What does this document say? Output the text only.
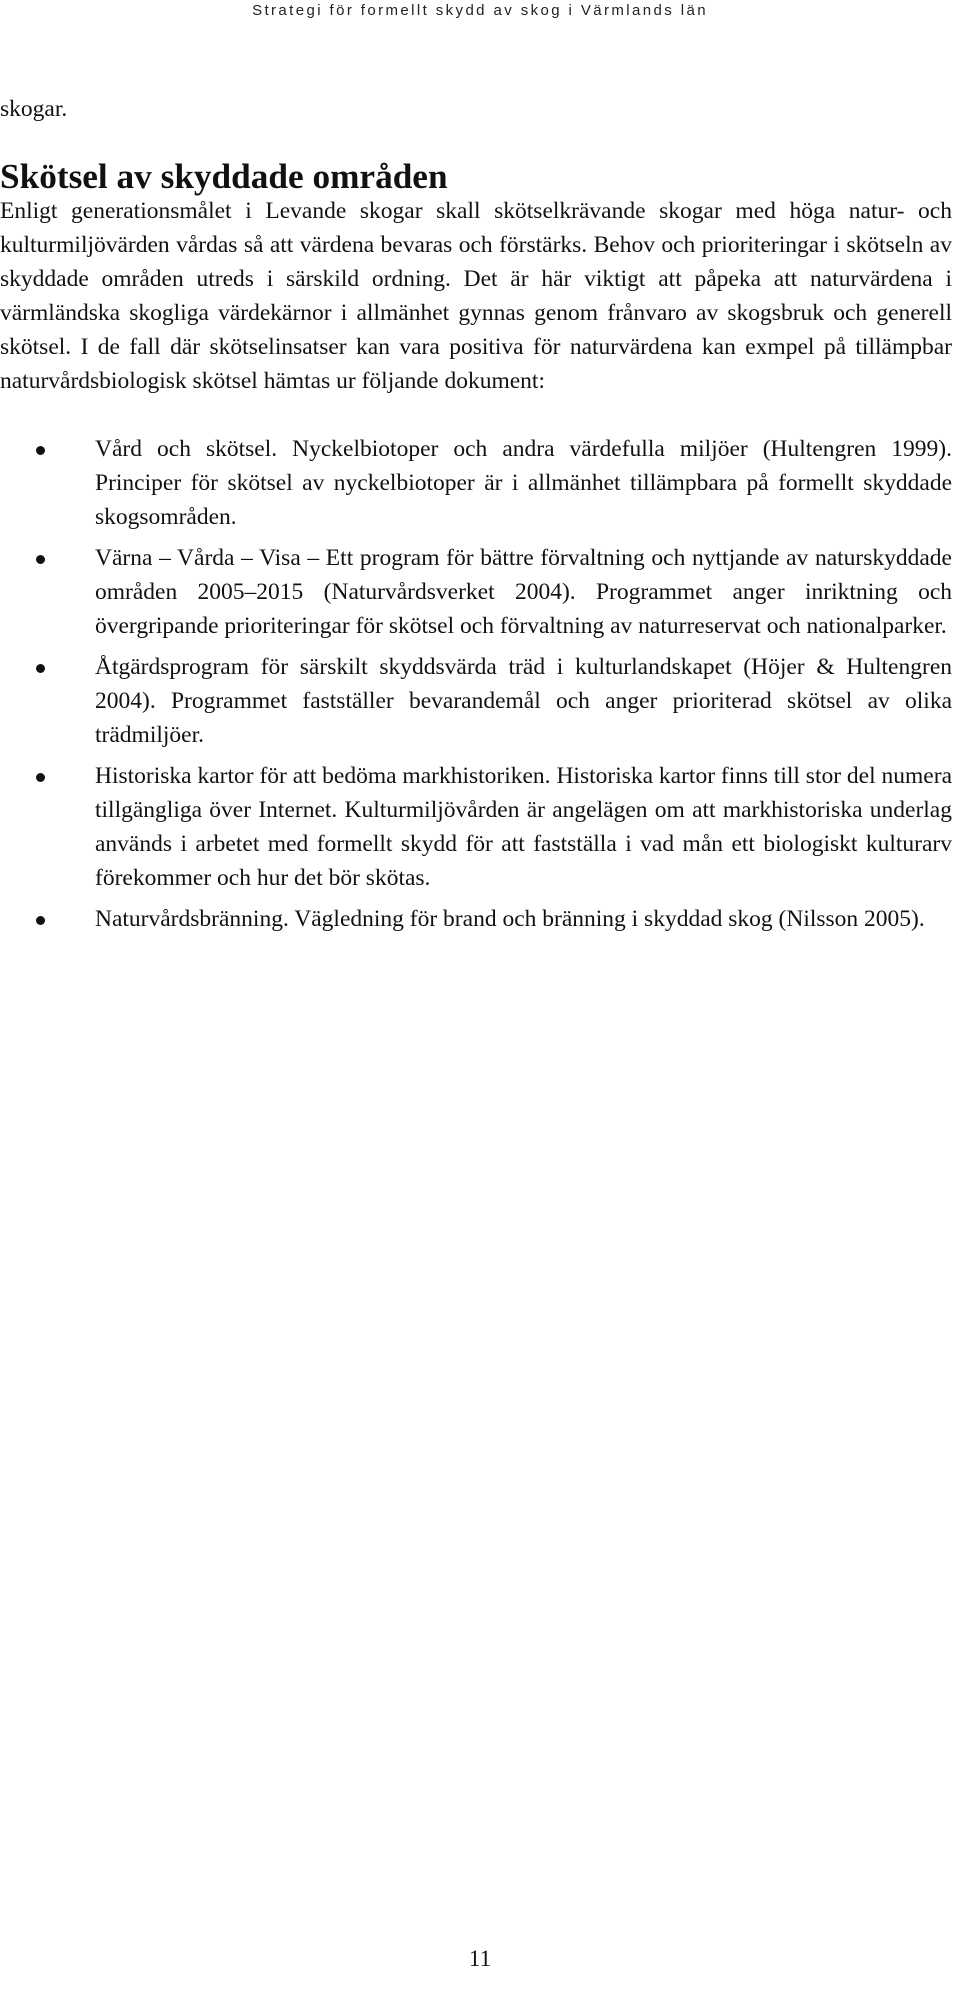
Strategi för formellt skydd av skog i Värmlands län

skogar.

Skötsel av skyddade områden

Enligt generationsmålet i Levande skogar skall skötselkrävande skogar med höga natur- och kulturmiljövärden vårdas så att värdena bevaras och förstärks. Behov och prioriteringar i skötseln av skyddade områden utreds i särskild ordning. Det är här viktigt att påpeka att naturvärdena i värmländska skogliga värdekärnor i allmänhet gynnas genom frånvaro av skogsbruk och generell skötsel. I de fall där skötselinsatser kan vara positiva för naturvärdena kan exmpel på tillämpbar naturvårdsbiologisk skötsel hämtas ur följande dokument:

Vård och skötsel. Nyckelbiotoper och andra värdefulla miljöer (Hultengren 1999). Principer för skötsel av nyckelbiotoper är i allmänhet tillämpbara på formellt skyddade skogsområden.
Värna – Vårda – Visa – Ett program för bättre förvaltning och nyttjande av naturskyddade områden 2005–2015 (Naturvårdsverket 2004). Programmet anger inriktning och övergripande prioriteringar för skötsel och förvaltning av naturreservat och nationalparker.
Åtgärdsprogram för särskilt skyddsvärda träd i kulturlandskapet (Höjer & Hultengren 2004). Programmet fastställer bevarandemål och anger prioriterad skötsel av olika trädmiljöer.
Historiska kartor för att bedöma markhistoriken. Historiska kartor finns till stor del numera tillgängliga över Internet. Kulturmiljövården är angelägen om att markhistoriska underlag används i arbetet med formellt skydd för att fastställa i vad mån ett biologiskt kulturarv förekommer och hur det bör skötas.
Naturvårdsbränning. Vägledning för brand och bränning i skyddad skog (Nilsson 2005).
11
